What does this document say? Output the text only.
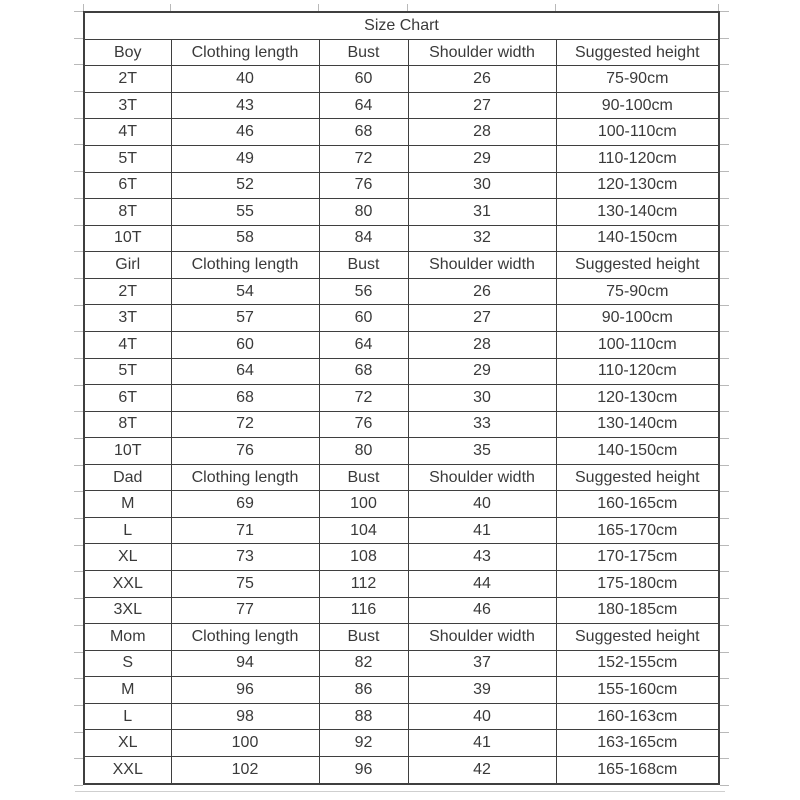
Size Chart				
Boy	Clothing length	Bust	Shoulder width	Suggested height
2T	40	60	26	75-90cm
3T	43	64	27	90-100cm
4T	46	68	28	100-110cm
5T	49	72	29	110-120cm
6T	52	76	30	120-130cm
8T	55	80	31	130-140cm
10T	58	84	32	140-150cm
Girl	Clothing length	Bust	Shoulder width	Suggested height
2T	54	56	26	75-90cm
3T	57	60	27	90-100cm
4T	60	64	28	100-110cm
5T	64	68	29	110-120cm
6T	68	72	30	120-130cm
8T	72	76	33	130-140cm
10T	76	80	35	140-150cm
Dad	Clothing length	Bust	Shoulder width	Suggested height
M	69	100	40	160-165cm
L	71	104	41	165-170cm
XL	73	108	43	170-175cm
XXL	75	112	44	175-180cm
3XL	77	116	46	180-185cm
Mom	Clothing length	Bust	Shoulder width	Suggested height
S	94	82	37	152-155cm
M	96	86	39	155-160cm
L	98	88	40	160-163cm
XL	100	92	41	163-165cm
XXL	102	96	42	165-168cm
